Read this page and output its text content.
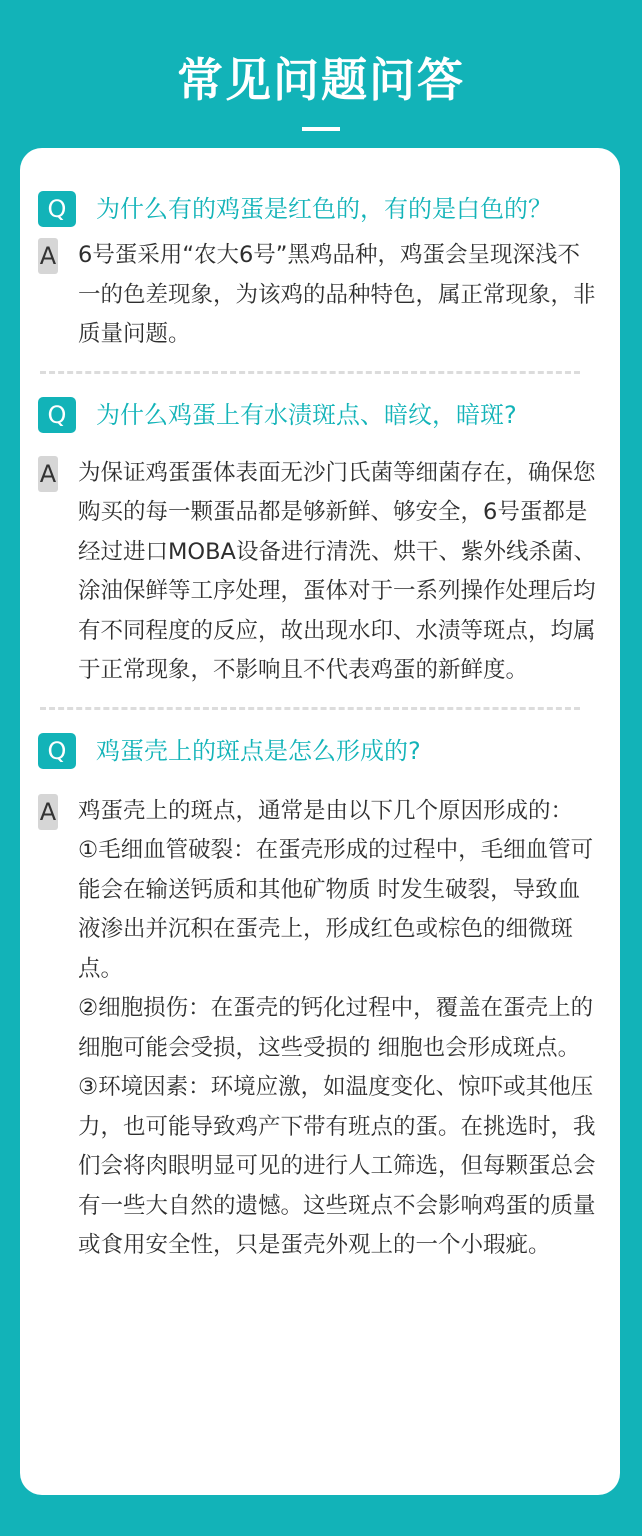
常见问题问答
Q	为什么有的鸡蛋是红色的，有的是白色的？
A 6号蛋采用“农大6号”黑鸡品种，鸡蛋会呈现深浅不一的色差现象，为该鸡的品种特色，属正常现象，非质量问题。

Q	为什么鸡蛋上有水渍斑点、暗纹，暗斑?
A 为保证鸡蛋蛋体表面无沙门氏菌等细菌存在，确保您购买的每一颗蛋品都是够新鲜、够安全，6号蛋都是经过进口MOBA设备进行清洗、烘干、紫外线杀菌、涂油保鲜等工序处理，蛋体对于一系列操作处理后均有不同程度的反应，故出现水印、水渍等斑点，均属于正常现象，不影响且不代表鸡蛋的新鲜度。

Q	鸡蛋壳上的斑点是怎么形成的?
A 鸡蛋壳上的斑点，通常是由以下几个原因形成的：

①毛细血管破裂：在蛋壳形成的过程中，毛细血管可能会在输送钙质和其他矿物质 时发生破裂，导致血液渗出并沉积在蛋壳上，形成红色或棕色的细微斑点。

②细胞损伤：在蛋壳的钙化过程中，覆盖在蛋壳上的细胞可能会受损，这些受损的 细胞也会形成斑点。

③环境因素：环境应激，如温度变化、惊吓或其他压力，也可能导致鸡产下带有班点的蛋。在挑选时，我们会将肉眼明显可见的进行人工筛选，但每颗蛋总会有一些大自然的遗憾。这些斑点不会影响鸡蛋的质量或食用安全性，只是蛋壳外观上的一个小瑕疵。
